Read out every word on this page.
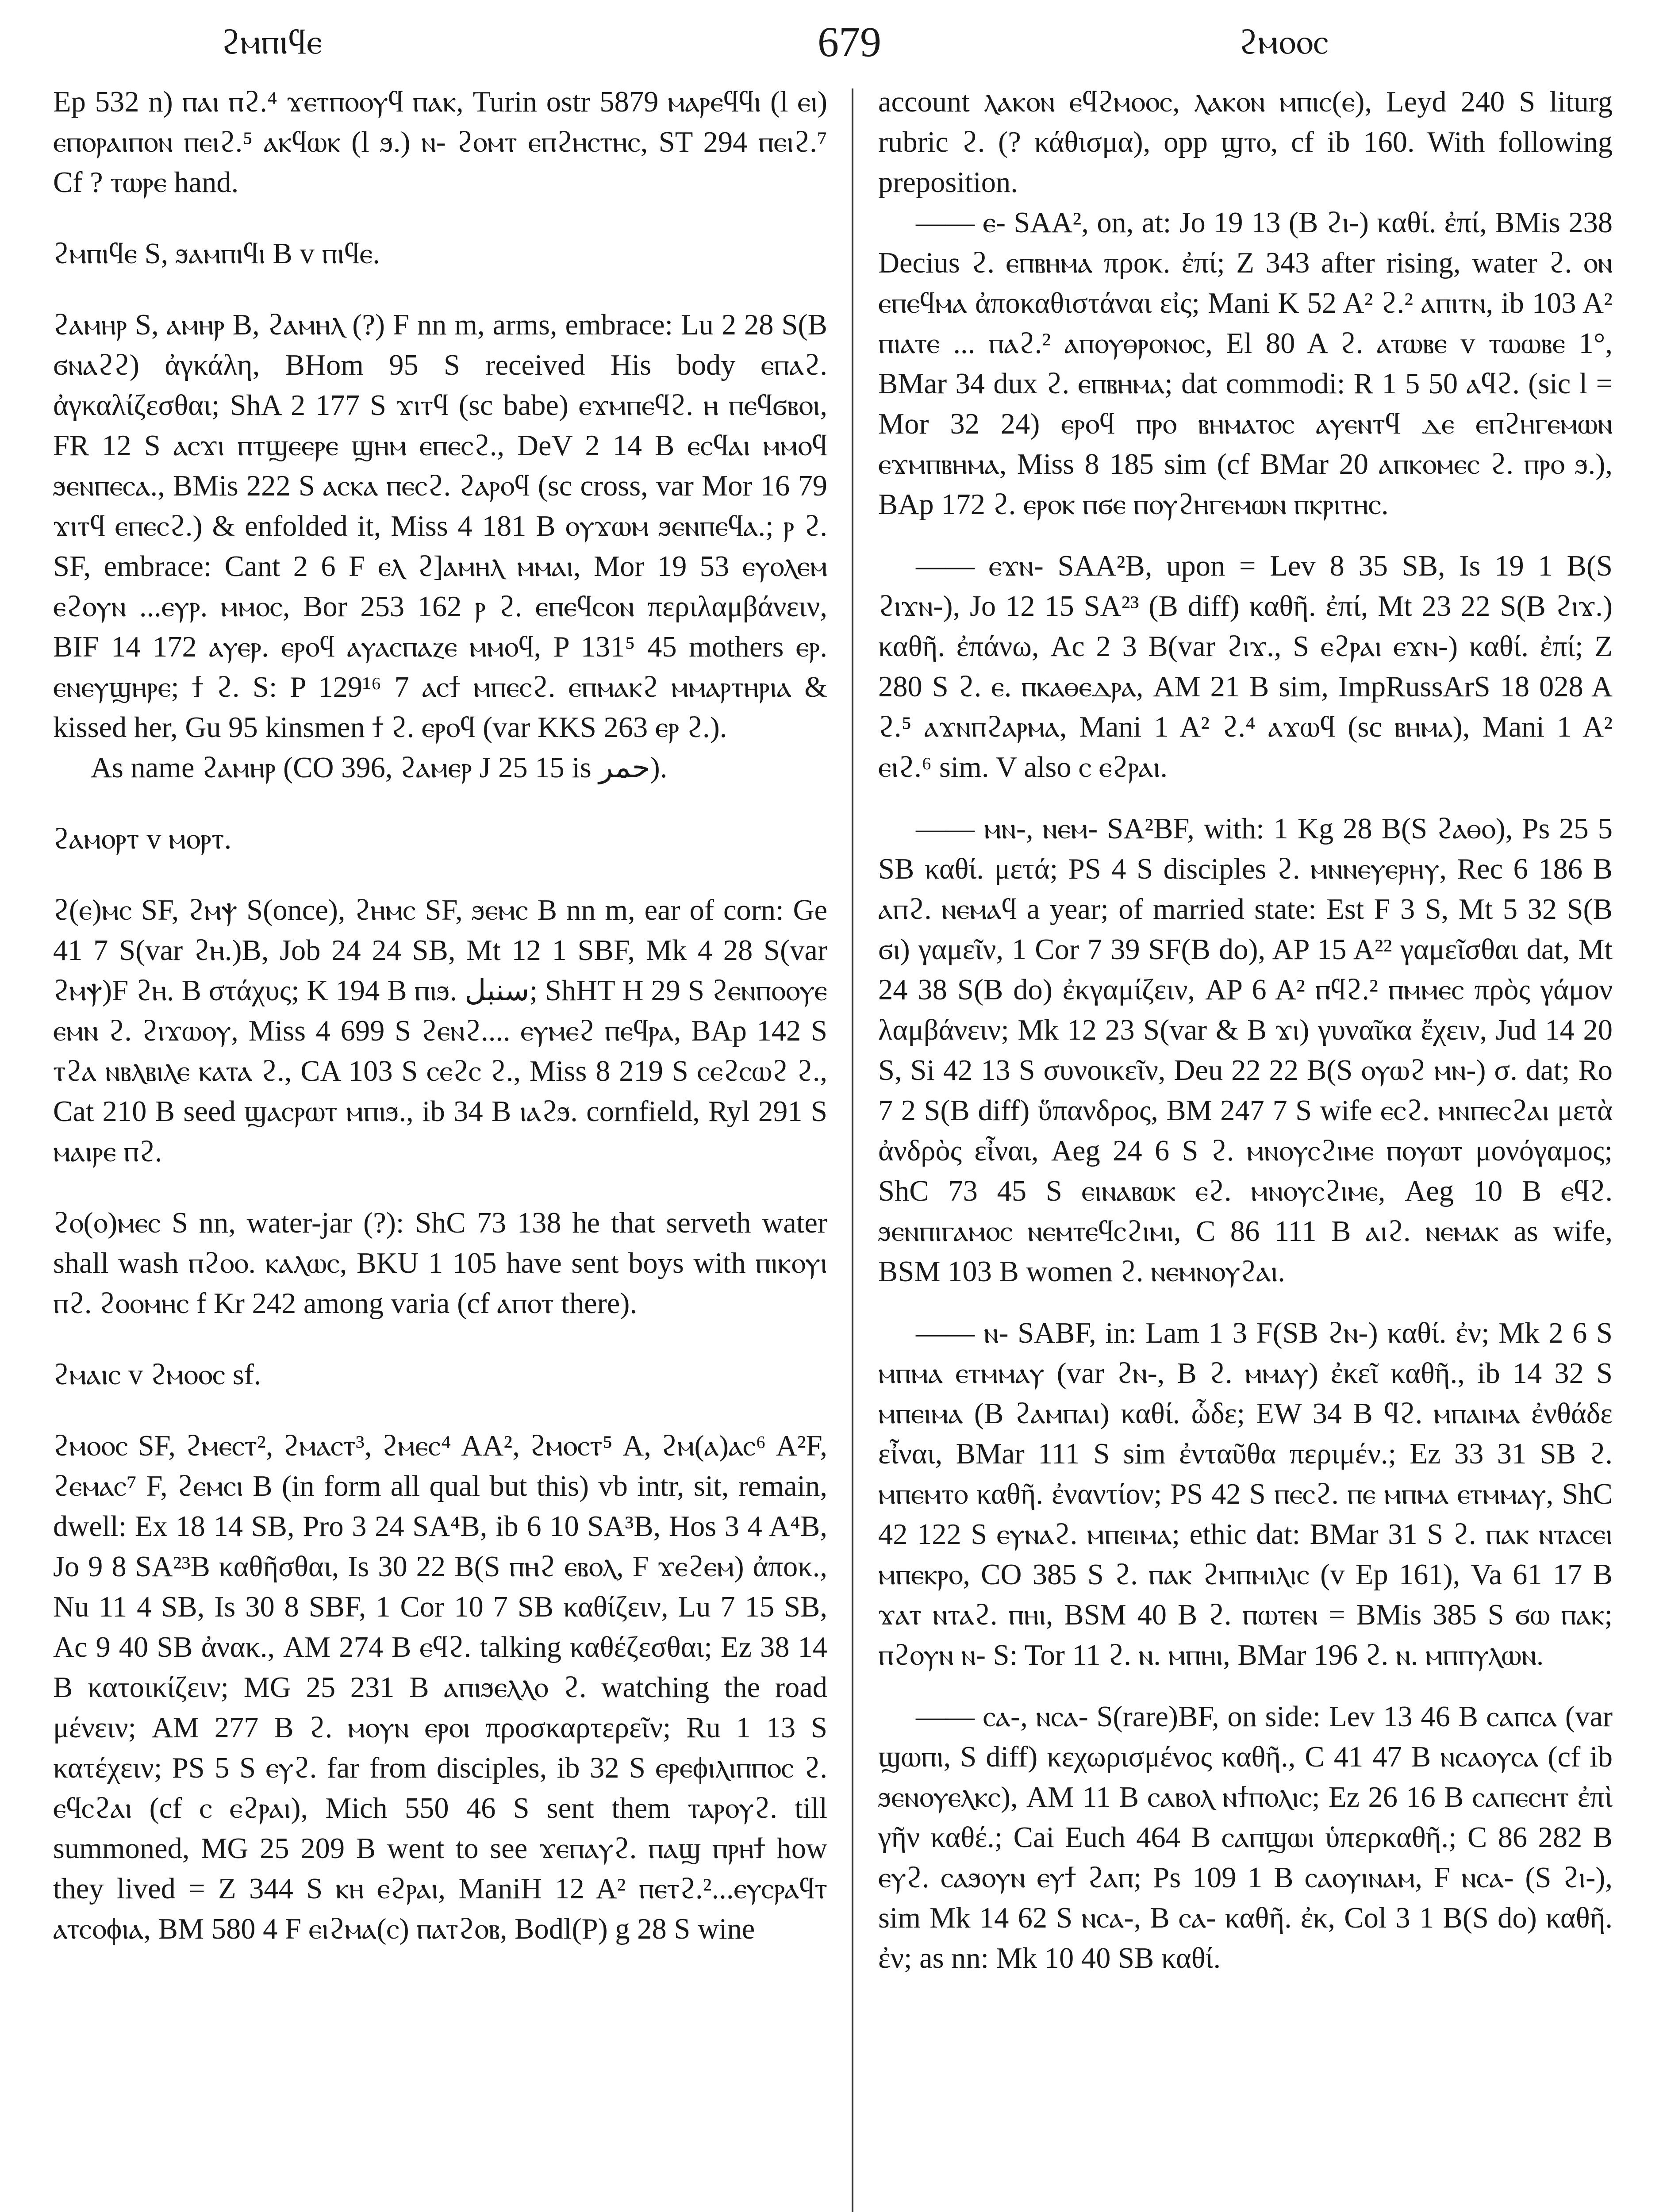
ϩⲙⲡⲓϥⲉ	679	ϩⲙⲟⲟⲥ

Ep 532 n) ⲡⲁⲓ ⲡϩ.⁴ ϫⲉⲧⲡⲟⲟⲩϥ ⲡⲁⲕ, Turin ostr 5879 ⲙⲁⲣⲉϥϥⲓ (l ⲉⲓ) ⲉⲡⲟⲣⲁⲓⲡⲟⲛ ⲡⲉⲓϩ.⁵ ⲁⲕϥⲱⲕ (l ϧ.) ⲛ- ϩⲟⲙⲧ ⲉⲡϩⲏⲥⲧⲏⲥ, ST 294 ⲡⲉⲓϩ.⁷ Cf ? ⲧⲱⲣⲉ hand.

ϩⲙⲡⲓϥⲉ S, ϧⲁⲙⲡⲓϥⲓ B v ⲡⲓϥⲉ.

ϩⲁⲙⲏⲣ S, ⲁⲙⲏⲣ B, ϩⲁⲙⲏⲗ (?) F nn m, arms, embrace: Lu 2 28 S(B ϭⲛⲁϩϩ) ἀγκάλη, BHom 95 S received His body ⲉⲡⲁϩ. ἀγκαλίζεσθαι; ShA 2 177 S ϫⲓⲧϥ (sc babe) ⲉϫⲙⲡⲉϥϩ. ⲏ ⲡⲉϥϭⲃⲟⲓ, FR 12 S ⲁⲥϫⲓ ⲡⲧϣⲉⲉⲣⲉ ϣⲏⲙ ⲉⲡⲉⲥϩ., DeV 2 14 B ⲉⲥϥⲁⲓ ⲙⲙⲟϥ ϧⲉⲛⲡⲉⲥⲁ., BMis 222 S ⲁⲥⲕⲁ ⲡⲉⲥϩ. ϩⲁⲣⲟϥ (sc cross, var Mor 16 79 ϫⲓⲧϥ ⲉⲡⲉⲥϩ.) & enfolded it, Miss 4 181 B ⲟⲩϫⲱⲙ ϧⲉⲛⲡⲉϥⲁ.; ⲣ ϩ. SF, embrace: Cant 2 6 F ⲉⲗ ϩ]ⲁⲙⲏⲗ ⲙⲙⲁⲓ, Mor 19 53 ⲉⲩⲟⲗⲉⲙ ⲉϩⲟⲩⲛ ...ⲉⲩⲣ. ⲙⲙⲟⲥ, Bor 253 162 ⲣ ϩ. ⲉⲡⲉϥⲥⲟⲛ περιλαμβάνειν, BIF 14 172 ⲁⲩⲉⲣ. ⲉⲣⲟϥ ⲁⲩⲁⲥⲡⲁⲍⲉ ⲙⲙⲟϥ, P 131⁵ 45 mothers ⲉⲣ. ⲉⲛⲉⲩϣⲏⲣⲉ; ϯ ϩ. S: P 129¹⁶ 7 ⲁⲥϯ ⲙⲡⲉⲥϩ. ⲉⲡⲙⲁⲕϩ ⲙⲙⲁⲣⲧⲏⲣⲓⲁ & kissed her, Gu 95 kinsmen ϯ ϩ. ⲉⲣⲟϥ (var KKS 263 ⲉⲣ ϩ.).

As name ϩⲁⲙⲏⲣ (CO 396, ϩⲁⲙⲉⲣ J 25 15 is حمر).

ϩⲁⲙⲟⲣⲧ v ⲙⲟⲣⲧ.

ϩ(ⲉ)ⲙⲥ SF, ϩⲙⲯ S(once), ϩⲏⲙⲥ SF, ϧⲉⲙⲥ B nn m, ear of corn: Ge 41 7 S(var ϩⲏ.)B, Job 24 24 SB, Mt 12 1 SBF, Mk 4 28 S(var ϩⲙⲯ)F ϩⲏ. B στάχυς; K 194 B ⲡⲓϧ. سنبل; ShHT H 29 S ϩⲉⲛⲡⲟⲟⲩⲉ ⲉⲙⲛ ϩ. ϩⲓϫⲱⲟⲩ, Miss 4 699 S ϩⲉⲛϩ.... ⲉⲩⲙⲉϩ ⲡⲉϥⲣⲁ, BAp 142 S ⲧϩⲁ ⲛⲃⲗⲃⲓⲗⲉ ⲕⲁⲧⲁ ϩ., CA 103 S ⲥⲉϩⲥ ϩ., Miss 8 219 S ⲥⲉϩⲥⲱϩ ϩ., Cat 210 B seed ϣⲁⲥⲣⲱⲧ ⲙⲡⲓϧ., ib 34 B ⲓⲁϩϧ. cornfield, Ryl 291 S ⲙⲁⲓⲣⲉ ⲡϩ.

ϩⲟ(ⲟ)ⲙⲉⲥ S nn, water-jar (?): ShC 73 138 he that serveth water shall wash ⲡϩⲟⲟ. ⲕⲁⲗⲱⲥ, BKU 1 105 have sent boys with ⲡⲓⲕⲟⲩⲓ ⲡϩ. ϩⲟⲟⲙⲏⲥ f Kr 242 among varia (cf ⲁⲡⲟⲧ there).

ϩⲙⲁⲓⲥ v ϩⲙⲟⲟⲥ sf.

ϩⲙⲟⲟⲥ SF, ϩⲙⲉⲥⲧ², ϩⲙⲁⲥⲧ³, ϩⲙⲉⲥ⁴ AA², ϩⲙⲟⲥⲧ⁵ A, ϩⲙ(ⲁ)ⲁⲥ⁶ A²F, ϩⲉⲙⲁⲥ⁷ F, ϩⲉⲙⲥⲓ B (in form all qual but this) vb intr, sit, remain, dwell: Ex 18 14 SB, Pro 3 24 SA⁴B, ib 6 10 SA³B, Hos 3 4 A⁴B, Jo 9 8 SA²³B καθῆσθαι, Is 30 22 B(S ⲡⲏϩ ⲉⲃⲟⲗ, F ϫⲉϩⲉⲙ) ἀποκ., Nu 11 4 SB, Is 30 8 SBF, 1 Cor 10 7 SB καθίζειν, Lu 7 15 SB, Ac 9 40 SB ἀνακ., AM 274 B ⲉϥϩ. talking καθέζεσθαι; Ez 38 14 B κατοικίζειν; MG 25 231 B ⲁⲡⲓϧⲉⲗⲗⲟ ϩ. watching the road μένειν; AM 277 B ϩ. ⲙⲟⲩⲛ ⲉⲣⲟⲓ προσκαρτερεῖν; Ru 1 13 S κατέχειν; PS 5 S ⲉⲩϩ. far from disciples, ib 32 S ⲉⲣⲉϕⲓⲗⲓⲡⲡⲟⲥ ϩ. ⲉϥⲥϩⲁⲓ (cf ⲥ ⲉϩⲣⲁⲓ), Mich 550 46 S sent them ⲧⲁⲣⲟⲩϩ. till summoned, MG 25 209 B went to see ϫⲉⲡⲁⲩϩ. ⲡⲁϣ ⲡⲣⲏϯ how they lived = Z 344 S ⲕⲏ ⲉϩⲣⲁⲓ, ManiH 12 A² ⲡⲉⲧϩ.²...ⲉⲩⲥⲣⲁϥⲧ ⲁⲧⲥⲟϕⲓⲁ, BM 580 4 F ⲉⲓϩⲙⲁ(ⲥ) ⲡⲁⲧϩⲟⲃ, Bodl(P) g 28 S wine

account ⲗⲁⲕⲟⲛ ⲉϥϩⲙⲟⲟⲥ, ⲗⲁⲕⲟⲛ ⲙⲡⲓⲥ(ⲉ), Leyd 240 S liturg rubric ϩ. (? κάθισμα), opp ϣⲧⲟ, cf ib 160. With following preposition.

—— ⲉ- SAA², on, at: Jo 19 13 (B ϩⲓ-) καθί. ἐπί, BMis 238 Decius ϩ. ⲉⲡⲃⲏⲙⲁ προκ. ἐπί; Z 343 after rising, water ϩ. ⲟⲛ ⲉⲡⲉϥⲙⲁ ἀποκαθιστάναι εἰς; Mani K 52 A² ϩ.² ⲁⲡⲓⲧⲛ, ib 103 A² ⲡⲓⲁⲧⲉ ... ⲡⲁϩ.² ⲁⲡⲟⲩⲑⲣⲟⲛⲟⲥ, El 80 A ϩ. ⲁⲧⲱⲃⲉ v ⲧⲱⲱⲃⲉ 1°, BMar 34 dux ϩ. ⲉⲡⲃⲏⲙⲁ; dat commodi: R 1 5 50 ⲁϥϩ. (sic l = Mor 32 24) ⲉⲣⲟϥ ⲡⲣⲟ ⲃⲏⲙⲁⲧⲟⲥ ⲁⲩⲉⲛⲧϥ ⲇⲉ ⲉⲡϩⲏⲅⲉⲙⲱⲛ ⲉϫⲙⲡⲃⲏⲙⲁ, Miss 8 185 sim (cf BMar 20 ⲁⲡⲕⲟⲙⲉⲥ ϩ. ⲡⲣⲟ ϧ.), BAp 172 ϩ. ⲉⲣⲟⲕ ⲡϭⲉ ⲡⲟⲩϩⲏⲅⲉⲙⲱⲛ ⲡⲕⲣⲓⲧⲏⲥ.

—— ⲉϫⲛ- SAA²B, upon = Lev 8 35 SB, Is 19 1 B(S ϩⲓϫⲛ-), Jo 12 15 SA²³ (B diff) καθῆ. ἐπί, Mt 23 22 S(B ϩⲓϫ.) καθῆ. ἐπάνω, Ac 2 3 B(var ϩⲓϫ., S ⲉϩⲣⲁⲓ ⲉϫⲛ-) καθί. ἐπί; Z 280 S ϩ. ⲉ. ⲡⲕⲁⲑⲉⲇⲣⲁ, AM 21 B sim, ImpRussArS 18 028 A ϩ.⁵ ⲁϫⲛⲡϩⲁⲣⲙⲁ, Mani 1 A² ϩ.⁴ ⲁϫⲱϥ (sc ⲃⲏⲙⲁ), Mani 1 A² ⲉⲓϩ.⁶ sim. V also ⲥ ⲉϩⲣⲁⲓ.

—— ⲙⲛ-, ⲛⲉⲙ- SA²BF, with: 1 Kg 28 B(S ϩⲁⲑⲟ), Ps 25 5 SB καθί. μετά; PS 4 S disciples ϩ. ⲙⲛⲛⲉⲩⲉⲣⲏⲩ, Rec 6 186 B ⲁⲡϩ. ⲛⲉⲙⲁϥ a year; of married state: Est F 3 S, Mt 5 32 S(B ϭⲓ) γαμεῖν, 1 Cor 7 39 SF(B do), AP 15 A²² γαμεῖσθαι dat, Mt 24 38 S(B do) ἐκγαμίζειν, AP 6 A² ⲡϥϩ.² ⲡⲙⲙⲉⲥ πρὸς γάμον λαμβάνειν; Mk 12 23 S(var & B ϫⲓ) γυναῖκα ἔχειν, Jud 14 20 S, Si 42 13 S συνοικεῖν, Deu 22 22 B(S ⲟⲩⲱϩ ⲙⲛ-) σ. dat; Ro 7 2 S(B diff) ὕπανδρος, BM 247 7 S wife ⲉⲥϩ. ⲙⲛⲡⲉⲥϩⲁⲓ μετὰ ἀνδρὸς εἶναι, Aeg 24 6 S ϩ. ⲙⲛⲟⲩⲥϩⲓⲙⲉ ⲡⲟⲩⲱⲧ μονόγαμος; ShC 73 45 S ⲉⲓⲛⲁⲃⲱⲕ ⲉϩ. ⲙⲛⲟⲩⲥϩⲓⲙⲉ, Aeg 10 B ⲉϥϩ. ϧⲉⲛⲡⲓⲅⲁⲙⲟⲥ ⲛⲉⲙⲧⲉϥⲥϩⲓⲙⲓ, C 86 111 B ⲁⲓϩ. ⲛⲉⲙⲁⲕ as wife, BSM 103 B women ϩ. ⲛⲉⲙⲛⲟⲩϩⲁⲓ.

—— ⲛ- SABF, in: Lam 1 3 F(SB ϩⲛ-) καθί. ἐν; Mk 2 6 S ⲙⲡⲙⲁ ⲉⲧⲙⲙⲁⲩ (var ϩⲛ-, B ϩ. ⲙⲙⲁⲩ) ἐκεῖ καθῆ., ib 14 32 S ⲙⲡⲉⲓⲙⲁ (B ϩⲁⲙⲡⲁⲓ) καθί. ὧδε; EW 34 B ϥϩ. ⲙⲡⲁⲓⲙⲁ ἐνθάδε εἶναι, BMar 111 S sim ἐνταῦθα περιμέν.; Ez 33 31 SB ϩ. ⲙⲡⲉⲙⲧⲟ καθῆ. ἐναντίον; PS 42 S ⲡⲉⲥϩ. ⲡⲉ ⲙⲡⲙⲁ ⲉⲧⲙⲙⲁⲩ, ShC 42 122 S ⲉⲩⲛⲁϩ. ⲙⲡⲉⲓⲙⲁ; ethic dat: BMar 31 S ϩ. ⲡⲁⲕ ⲛⲧⲁⲥⲉⲓ ⲙⲡⲉⲕⲣⲟ, CO 385 S ϩ. ⲡⲁⲕ ϩⲙⲡⲙⲓⲗⲓⲥ (v Ep 161), Va 61 17 B ϫⲁⲧ ⲛⲧⲁϩ. ⲡⲏⲓ, BSM 40 B ϩ. ⲡⲱⲧⲉⲛ = BMis 385 S ϭⲱ ⲡⲁⲕ; ⲡϩⲟⲩⲛ ⲛ- S: Tor 11 ϩ. ⲛ. ⲙⲡⲏⲓ, BMar 196 ϩ. ⲛ. ⲙⲡⲡⲩⲗⲱⲛ.

—— ⲥⲁ-, ⲛⲥⲁ- S(rare)BF, on side: Lev 13 46 B ⲥⲁⲡⲥⲁ (var ϣⲱⲡⲓ, S diff) κεχωρισμένος καθῆ., C 41 47 B ⲛⲥⲁⲟⲩⲥⲁ (cf ib ϧⲉⲛⲟⲩⲉⲗⲕⲥ), AM 11 B ⲥⲁⲃⲟⲗ ⲛϯⲡⲟⲗⲓⲥ; Ez 26 16 B ⲥⲁⲡⲉⲥⲏⲧ ἐπὶ γῆν καθέ.; Cai Euch 464 B ⲥⲁⲡϣⲱⲓ ὑπερκαθῆ.; C 86 282 B ⲉⲩϩ. ⲥⲁϧⲟⲩⲛ ⲉⲩϯ ϩⲁⲡ; Ps 109 1 B ⲥⲁⲟⲩⲓⲛⲁⲙ, F ⲛⲥⲁ- (S ϩⲓ-), sim Mk 14 62 S ⲛⲥⲁ-, B ⲥⲁ- καθῆ. ἐκ, Col 3 1 B(S do) καθῆ. ἐν; as nn: Mk 10 40 SB καθί.
